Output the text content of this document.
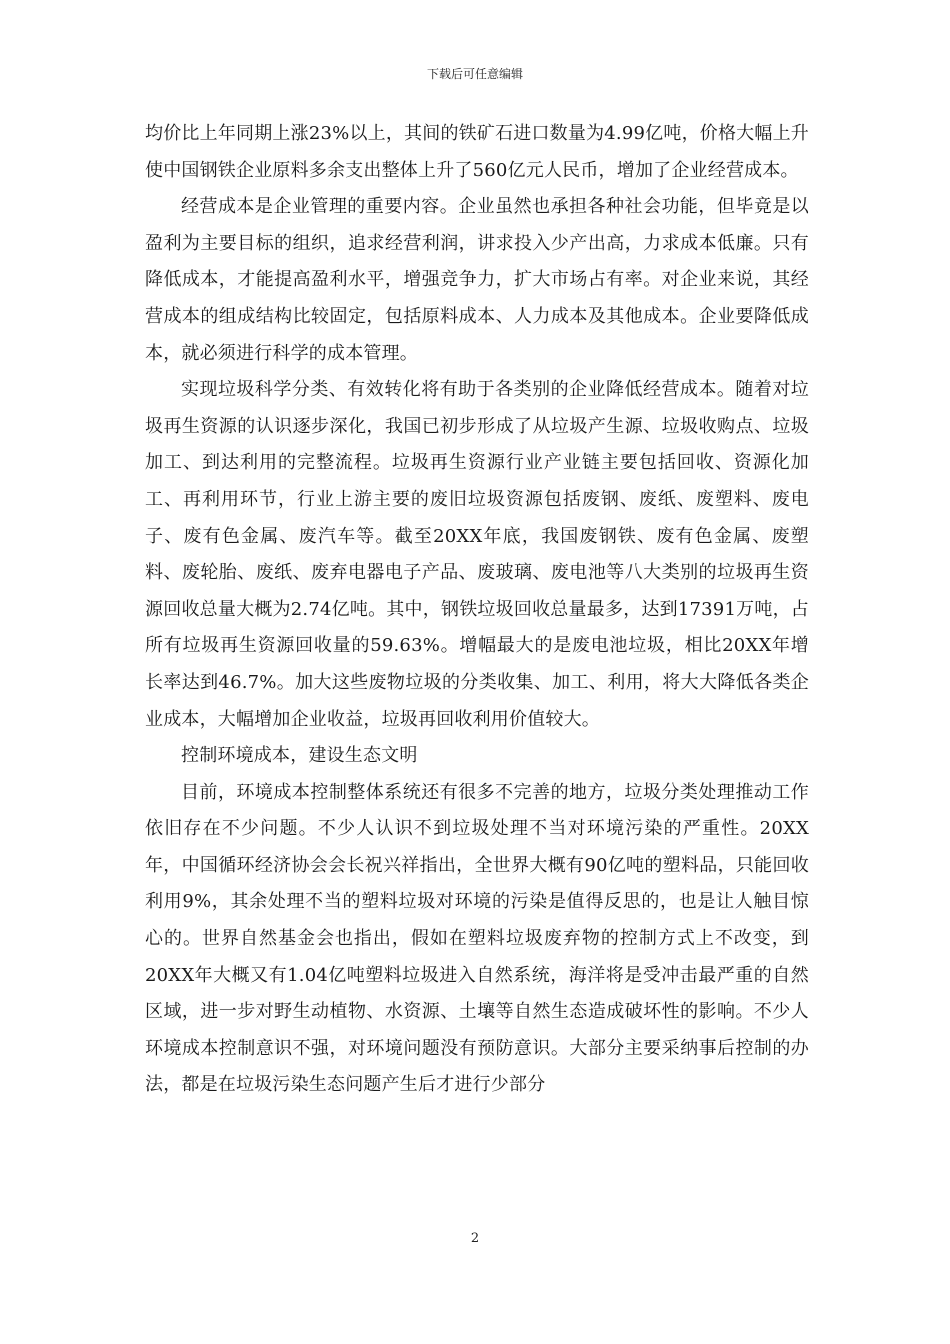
下载后可任意编辑

均价比上年同期上涨23%以上，其间的铁矿石进口数量为4.99亿吨，价格大幅上升使中国钢铁企业原料多余支出整体上升了560亿元人民币，增加了企业经营成本。

经营成本是企业管理的重要内容。企业虽然也承担各种社会功能，但毕竟是以盈利为主要目标的组织，追求经营利润，讲求投入少产出高，力求成本低廉。只有降低成本，才能提高盈利水平，增强竞争力，扩大市场占有率。对企业来说，其经营成本的组成结构比较固定，包括原料成本、人力成本及其他成本。企业要降低成本，就必须进行科学的成本管理。

实现垃圾科学分类、有效转化将有助于各类别的企业降低经营成本。随着对垃圾再生资源的认识逐步深化，我国已初步形成了从垃圾产生源、垃圾收购点、垃圾加工、到达利用的完整流程。垃圾再生资源行业产业链主要包括回收、资源化加工、再利用环节，行业上游主要的废旧垃圾资源包括废钢、废纸、废塑料、废电子、废有色金属、废汽车等。截至20XX年底，我国废钢铁、废有色金属、废塑料、废轮胎、废纸、废弃电器电子产品、废玻璃、废电池等八大类别的垃圾再生资源回收总量大概为2.74亿吨。其中，钢铁垃圾回收总量最多，达到17391万吨，占所有垃圾再生资源回收量的59.63%。增幅最大的是废电池垃圾，相比20XX年增长率达到46.7%。加大这些废物垃圾的分类收集、加工、利用，将大大降低各类企业成本，大幅增加企业收益，垃圾再回收利用价值较大。

控制环境成本，建设生态文明

目前，环境成本控制整体系统还有很多不完善的地方，垃圾分类处理推动工作依旧存在不少问题。不少人认识不到垃圾处理不当对环境污染的严重性。20XX年，中国循环经济协会会长祝兴祥指出，全世界大概有90亿吨的塑料品，只能回收利用9%，其余处理不当的塑料垃圾对环境的污染是值得反思的，也是让人触目惊心的。世界自然基金会也指出，假如在塑料垃圾废弃物的控制方式上不改变，到20XX年大概又有1.04亿吨塑料垃圾进入自然系统，海洋将是受冲击最严重的自然区域，进一步对野生动植物、水资源、土壤等自然生态造成破坏性的影响。不少人环境成本控制意识不强，对环境问题没有预防意识。大部分主要采纳事后控制的办法，都是在垃圾污染生态问题产生后才进行少部分

2
